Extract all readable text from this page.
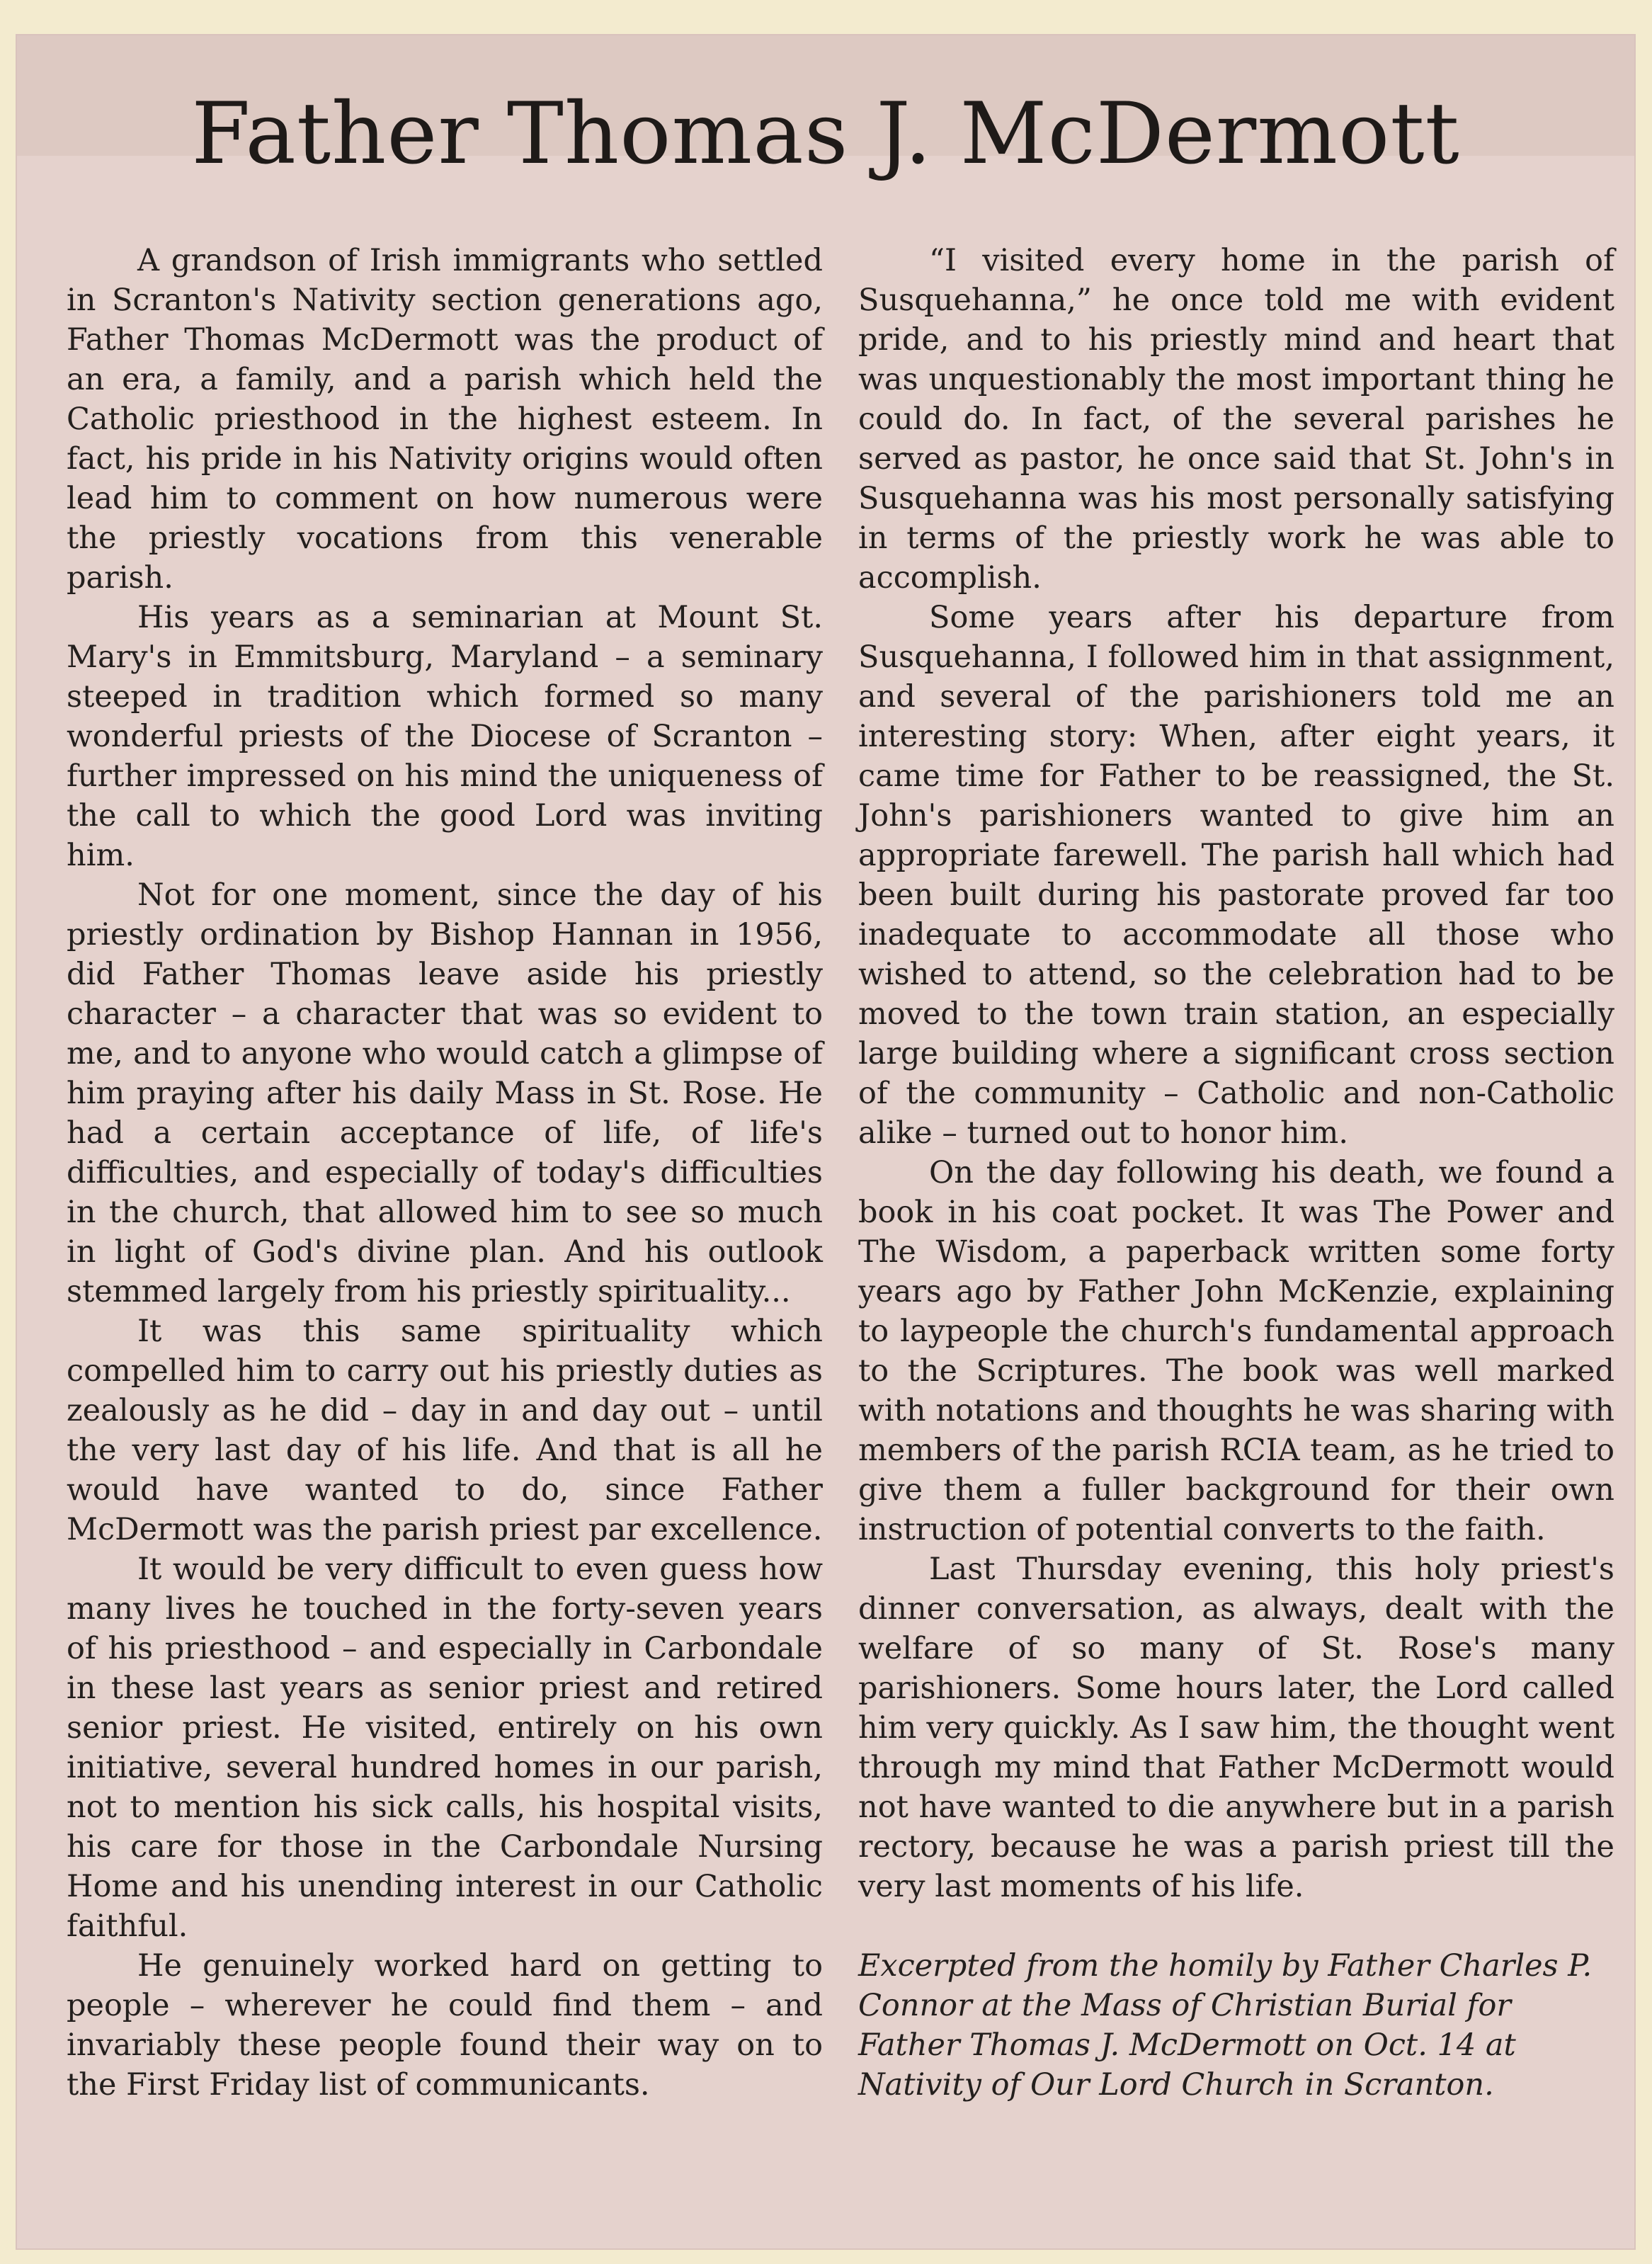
Father Thomas J. McDermott

A grandson of Irish immigrants who settled in Scranton's Nativity section generations ago, Father Thomas McDermott was the product of an era, a family, and a parish which held the Catholic priesthood in the highest esteem. In fact, his pride in his Nativity origins would often lead him to comment on how numerous were the priestly vocations from this venerable parish.

His years as a seminarian at Mount St. Mary's in Emmitsburg, Maryland – a seminary steeped in tradition which formed so many wonderful priests of the Diocese of Scranton – further impressed on his mind the uniqueness of the call to which the good Lord was inviting him.

Not for one moment, since the day of his priestly ordination by Bishop Hannan in 1956, did Father Thomas leave aside his priestly character – a character that was so evident to me, and to anyone who would catch a glimpse of him praying after his daily Mass in St. Rose. He had a certain acceptance of life, of life's difficulties, and especially of today's difficulties in the church, that allowed him to see so much in light of God's divine plan. And his outlook stemmed largely from his priestly spirituality...

It was this same spirituality which compelled him to carry out his priestly duties as zealously as he did – day in and day out – until the very last day of his life. And that is all he would have wanted to do, since Father McDermott was the parish priest par excellence.

It would be very difficult to even guess how many lives he touched in the forty-seven years of his priesthood – and especially in Carbondale in these last years as senior priest and retired senior priest. He visited, entirely on his own initiative, several hundred homes in our parish, not to mention his sick calls, his hospital visits, his care for those in the Carbondale Nursing Home and his unending interest in our Catholic faithful.

He genuinely worked hard on getting to people – wherever he could find them – and invariably these people found their way on to the First Friday list of communicants.

“I visited every home in the parish of Susquehanna,” he once told me with evident pride, and to his priestly mind and heart that was unquestionably the most important thing he could do. In fact, of the several parishes he served as pastor, he once said that St. John's in Susquehanna was his most personally satisfying in terms of the priestly work he was able to accomplish.

Some years after his departure from Susquehanna, I followed him in that assignment, and several of the parishioners told me an interesting story: When, after eight years, it came time for Father to be reassigned, the St. John's parishioners wanted to give him an appropriate farewell. The parish hall which had been built during his pastorate proved far too inadequate to accommodate all those who wished to attend, so the celebration had to be moved to the town train station, an especially large building where a significant cross section of the community – Catholic and non-Catholic alike – turned out to honor him.

On the day following his death, we found a book in his coat pocket. It was The Power and The Wisdom, a paperback written some forty years ago by Father John McKenzie, explaining to laypeople the church's fundamental approach to the Scriptures. The book was well marked with notations and thoughts he was sharing with members of the parish RCIA team, as he tried to give them a fuller background for their own instruction of potential converts to the faith.

Last Thursday evening, this holy priest's dinner conversation, as always, dealt with the welfare of so many of St. Rose's many parishioners. Some hours later, the Lord called him very quickly. As I saw him, the thought went through my mind that Father McDermott would not have wanted to die anywhere but in a parish rectory, because he was a parish priest till the very last moments of his life.

Excerpted from the homily by Father Charles P. Connor at the Mass of Christian Burial for Father Thomas J. McDermott on Oct. 14 at Nativity of Our Lord Church in Scranton.
